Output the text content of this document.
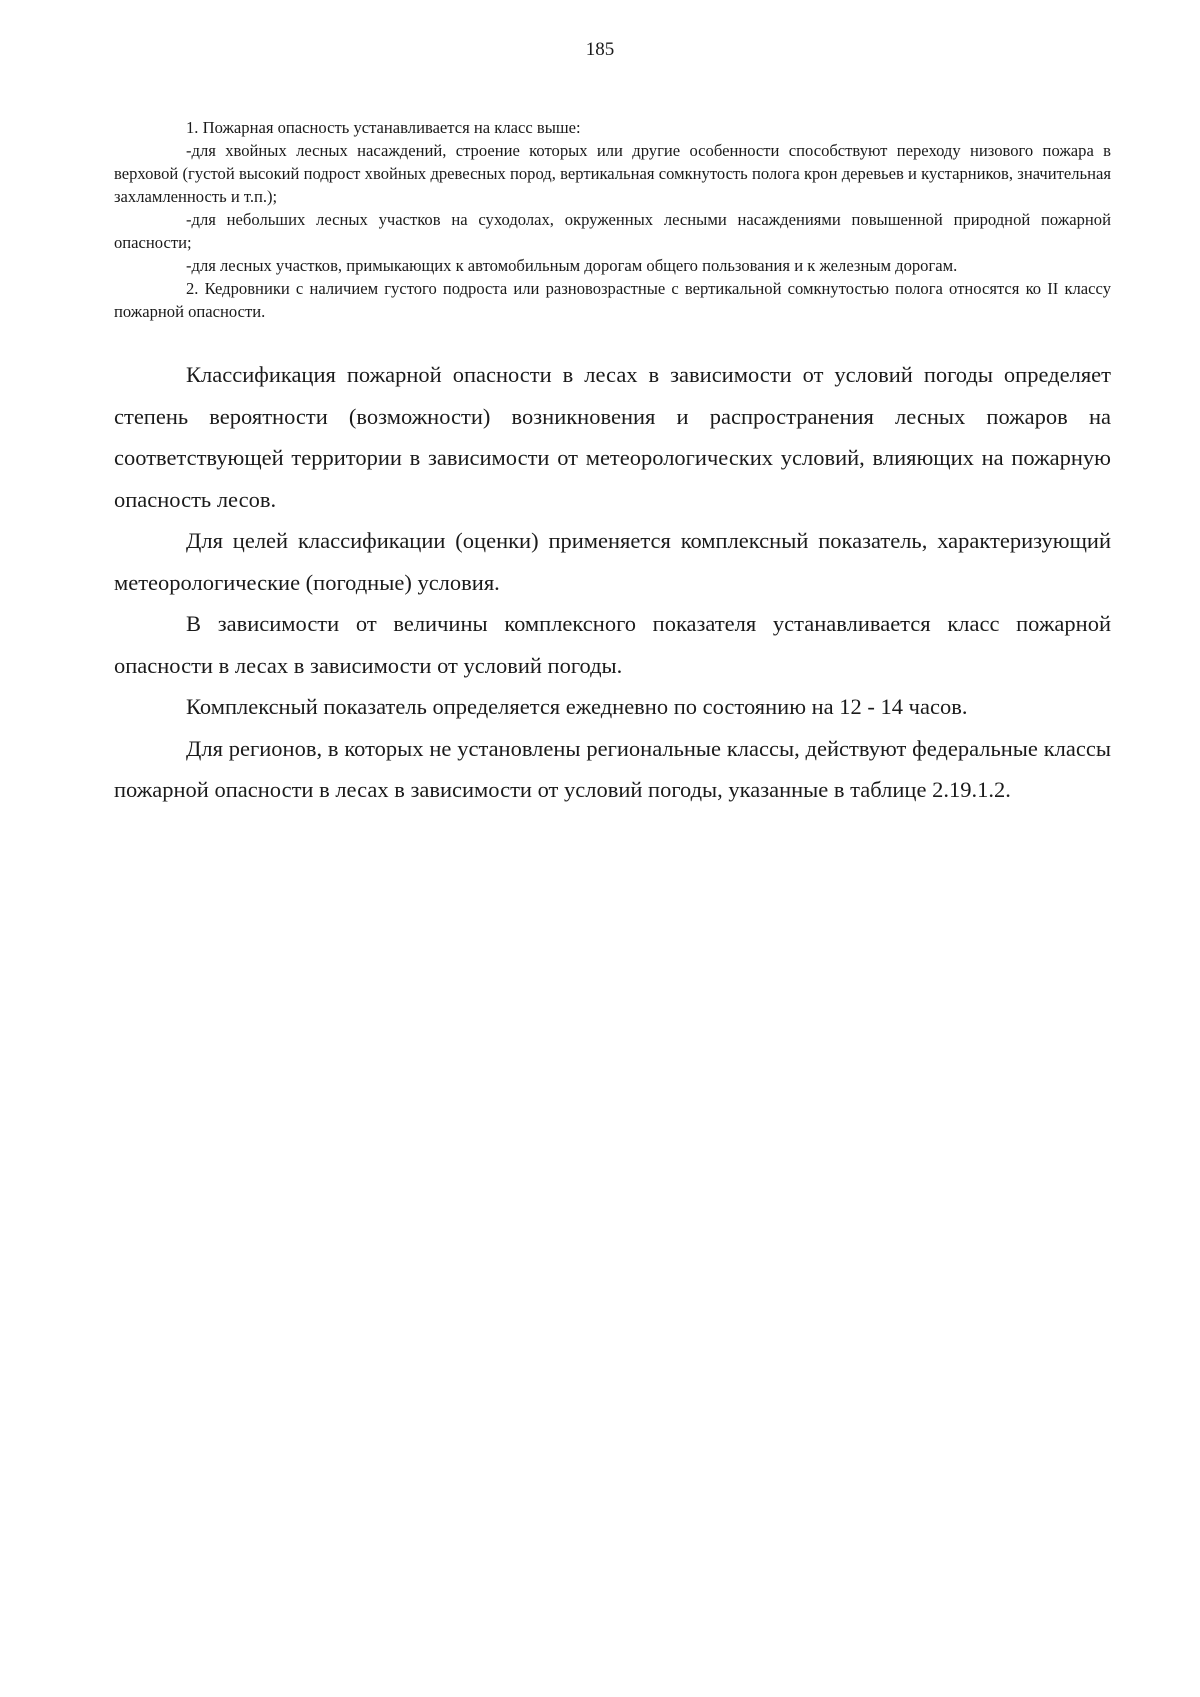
185

1. Пожарная опасность устанавливается на класс выше:

-для хвойных лесных насаждений, строение которых или другие особенности способствуют переходу низового пожара в верховой (густой высокий подрост хвойных древесных пород, вертикальная сомкнутость полога крон деревьев и кустарников, значительная захламленность и т.п.);

-для небольших лесных участков на суходолах, окруженных лесными насаждениями повышенной природной пожарной опасности;

-для лесных участков, примыкающих к автомобильным дорогам общего пользования и к железным дорогам.

2. Кедровники с наличием густого подроста или разновозрастные с вертикальной сомкнутостью полога относятся ко II классу пожарной опасности.

Классификация пожарной опасности в лесах в зависимости от условий погоды определяет степень вероятности (возможности) возникновения и распространения лесных пожаров на соответствующей территории в зависимости от метеорологических условий, влияющих на пожарную опасность лесов.

Для целей классификации (оценки) применяется комплексный показатель, характеризующий метеорологические (погодные) условия.

В зависимости от величины комплексного показателя устанавливается класс пожарной опасности в лесах в зависимости от условий погоды.

Комплексный показатель определяется ежедневно по состоянию на 12 - 14 часов.

Для регионов, в которых не установлены региональные классы, действуют федеральные классы пожарной опасности в лесах в зависимости от условий погоды, указанные в таблице 2.19.1.2.
